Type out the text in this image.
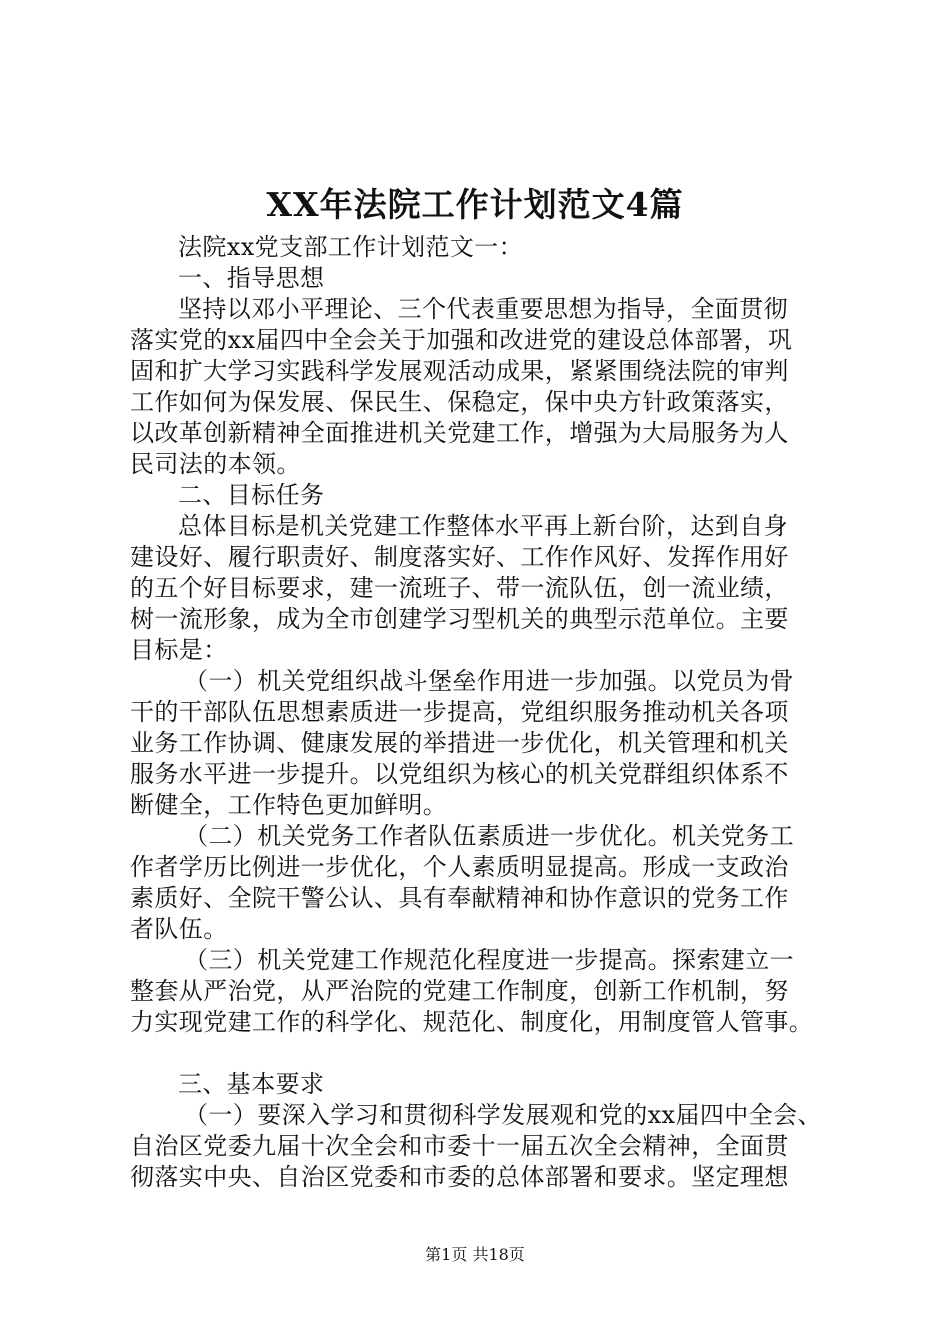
XX年法院工作计划范文4篇
法院xx党支部工作计划范文一：
一、指导思想
坚持以邓小平理论、三个代表重要思想为指导，全面贯彻
落实党的xx届四中全会关于加强和改进党的建设总体部署，巩
固和扩大学习实践科学发展观活动成果，紧紧围绕法院的审判
工作如何为保发展、保民生、保稳定，保中央方针政策落实，
以改革创新精神全面推进机关党建工作，增强为大局服务为人
民司法的本领。
二、目标任务
总体目标是机关党建工作整体水平再上新台阶，达到自身
建设好、履行职责好、制度落实好、工作作风好、发挥作用好
的五个好目标要求，建一流班子、带一流队伍，创一流业绩，
树一流形象，成为全市创建学习型机关的典型示范单位。主要
目标是：
（一）机关党组织战斗堡垒作用进一步加强。以党员为骨
干的干部队伍思想素质进一步提高，党组织服务推动机关各项
业务工作协调、健康发展的举措进一步优化，机关管理和机关
服务水平进一步提升。以党组织为核心的机关党群组织体系不
断健全，工作特色更加鲜明。
（二）机关党务工作者队伍素质进一步优化。机关党务工
作者学历比例进一步优化，个人素质明显提高。形成一支政治
素质好、全院干警公认、具有奉献精神和协作意识的党务工作
者队伍。
（三）机关党建工作规范化程度进一步提高。探索建立一
整套从严治党，从严治院的党建工作制度，创新工作机制，努
力实现党建工作的科学化、规范化、制度化，用制度管人管事。
三、基本要求
（一）要深入学习和贯彻科学发展观和党的xx届四中全会、
自治区党委九届十次全会和市委十一届五次全会精神，全面贯
彻落实中央、自治区党委和市委的总体部署和要求。坚定理想
第1页 共18页
